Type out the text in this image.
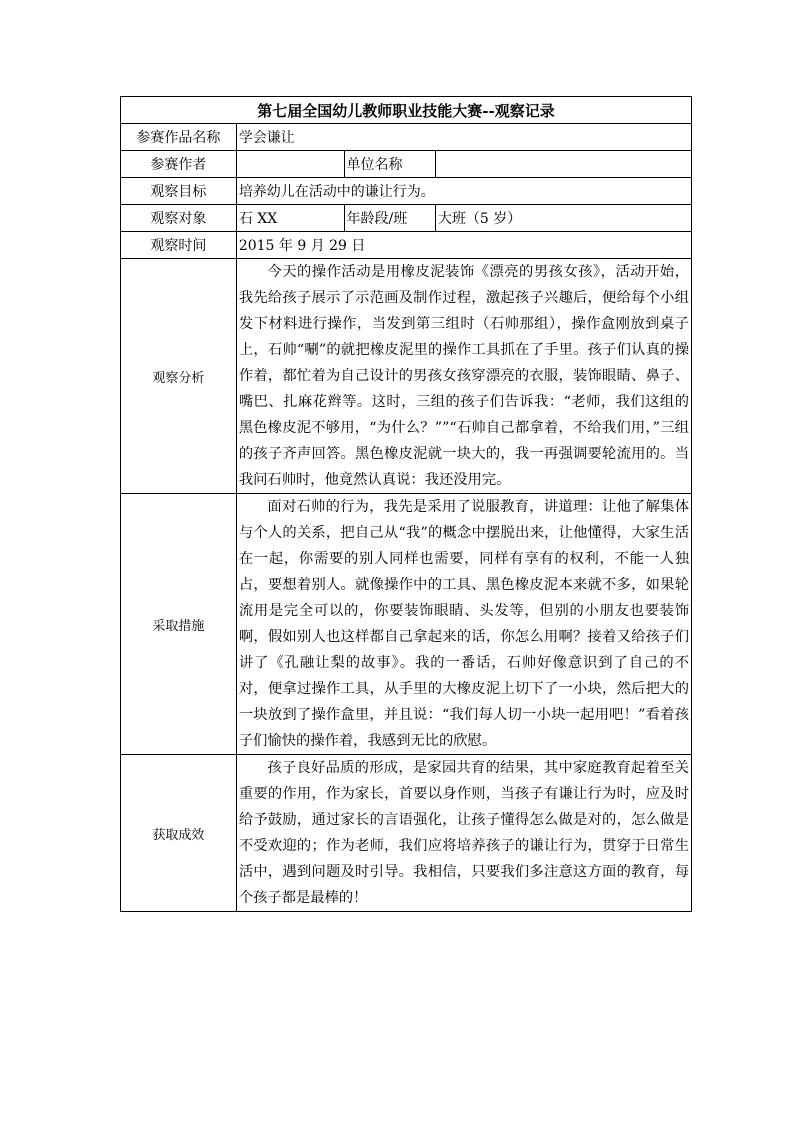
第七届全国幼儿教师职业技能大赛--观察记录			
参赛作品名称	学会谦让		
参赛作者		单位名称	
观察目标	培养幼儿在活动中的谦让行为。		
观察对象	石 XX	年龄段/班	大班（5 岁）
观察时间	2015 年 9 月 29 日		
观察分析	今天的操作活动是用橡皮泥装饰《漂亮的男孩女孩》，活动开始，我先给孩子展示了示范画及制作过程，激起孩子兴趣后，便给每个小组发下材料进行操作，当发到第三组时（石帅那组），操作盒刚放到桌子上，石帅“唰”的就把橡皮泥里的操作工具抓在了手里。孩子们认真的操作着，都忙着为自己设计的男孩女孩穿漂亮的衣服，装饰眼睛、鼻子、嘴巴、扎麻花辫等。这时，三组的孩子们告诉我：“老师，我们这组的黑色橡皮泥不够用，“为什么？””“石帅自己都拿着，不给我们用，”三组的孩子齐声回答。黑色橡皮泥就一块大的，我一再强调要轮流用的。当我问石帅时，他竟然认真说：我还没用完。		
采取措施	面对石帅的行为，我先是采用了说服教育，讲道理：让他了解集体与个人的关系，把自己从“我”的概念中摆脱出来，让他懂得，大家生活在一起，你需要的别人同样也需要，同样有享有的权利，不能一人独占，要想着别人。就像操作中的工具、黑色橡皮泥本来就不多，如果轮流用是完全可以的，你要装饰眼睛、头发等，但别的小朋友也要装饰啊，假如别人也这样都自己拿起来的话，你怎么用啊？接着又给孩子们讲了《孔融让梨的故事》。我的一番话，石帅好像意识到了自己的不对，便拿过操作工具，从手里的大橡皮泥上切下了一小块，然后把大的一块放到了操作盒里，并且说：“我们每人切一小块一起用吧！”看着孩子们愉快的操作着，我感到无比的欣慰。		
获取成效	孩子良好品质的形成，是家园共育的结果，其中家庭教育起着至关重要的作用，作为家长，首要以身作则，当孩子有谦让行为时，应及时给予鼓励，通过家长的言语强化，让孩子懂得怎么做是对的，怎么做是不受欢迎的；作为老师，我们应将培养孩子的谦让行为，贯穿于日常生活中，遇到问题及时引导。我相信，只要我们多注意这方面的教育，每个孩子都是最棒的！		
